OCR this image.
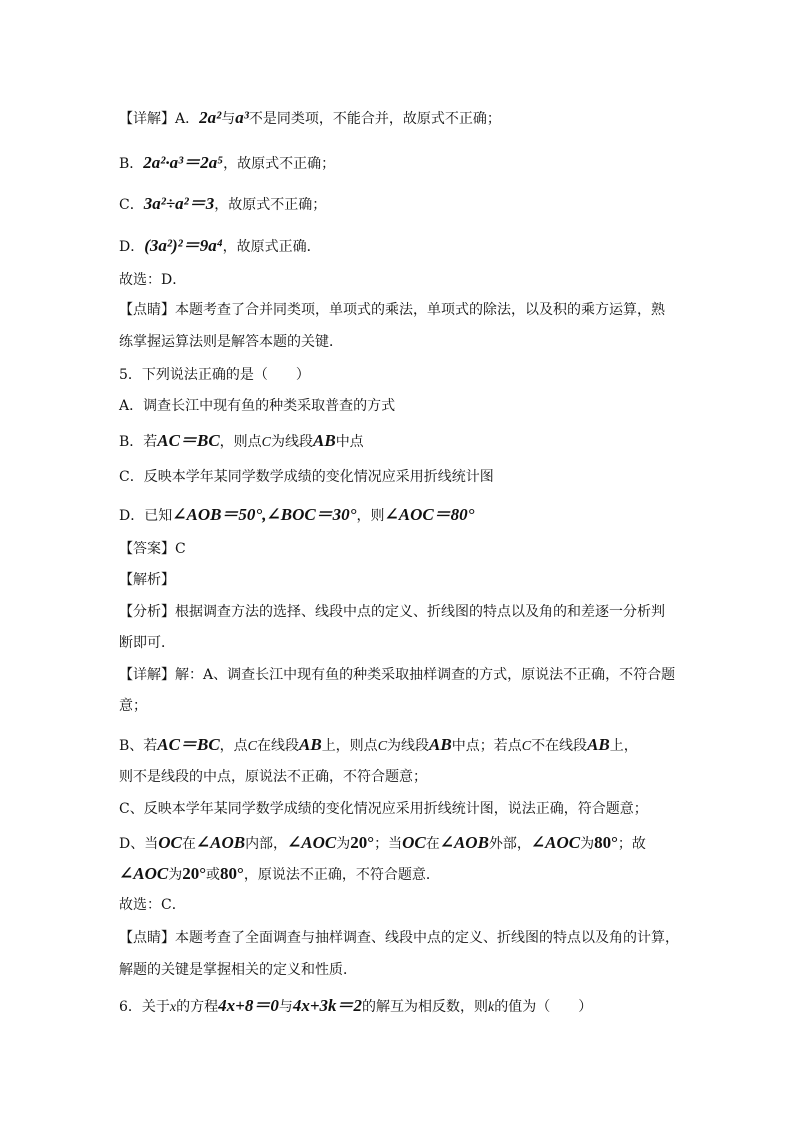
【详解】A．2a²与a³不是同类项，不能合并，故原式不正确；
B．2a²·a³＝2a⁵，故原式不正确；
C．3a²÷a²＝3，故原式不正确；
D．(3a²)²＝9a⁴，故原式正确．
故选：D．
【点睛】本题考查了合并同类项，单项式的乘法，单项式的除法，以及积的乘方运算，熟
练掌握运算法则是解答本题的关键．
5．下列说法正确的是（　　）
A．调查长江中现有鱼的种类采取普查的方式
B．若AC＝BC，则点C为线段AB中点
C．反映本学年某同学数学成绩的变化情况应采用折线统计图
D．已知∠AOB＝50°,∠BOC＝30°，则∠AOC＝80°
【答案】C
【解析】
【分析】根据调查方法的选择、线段中点的定义、折线图的特点以及角的和差逐一分析判
断即可．
【详解】解：A、调查长江中现有鱼的种类采取抽样调查的方式，原说法不正确，不符合题
意；
B、若AC＝BC，点C在线段AB上，则点C为线段AB中点；若点C不在线段AB上，
则不是线段的中点，原说法不正确，不符合题意；
C、反映本学年某同学数学成绩的变化情况应采用折线统计图，说法正确，符合题意；
D、当OC在∠AOB内部，∠AOC为20°；当OC在∠AOB外部，∠AOC为80°；故
∠AOC为20°或80°，原说法不正确，不符合题意．
故选：C．
【点睛】本题考查了全面调查与抽样调查、线段中点的定义、折线图的特点以及角的计算，
解题的关键是掌握相关的定义和性质．
6．关于x的方程4x+8＝0与4x+3k＝2的解互为相反数，则k的值为（　　）
